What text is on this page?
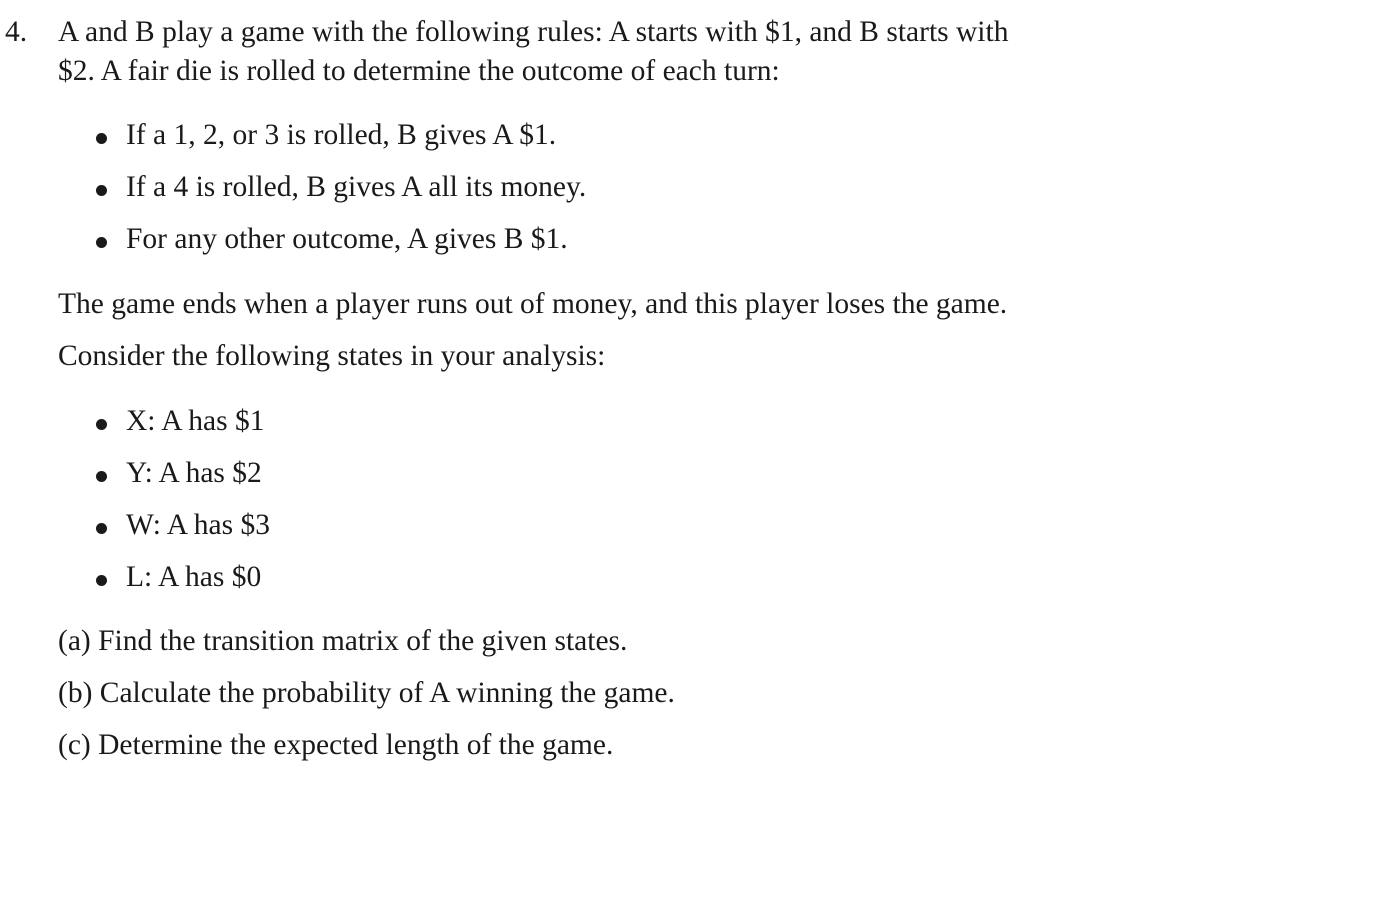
4. A and B play a game with the following rules: A starts with $1, and B starts with
$2. A fair die is rolled to determine the outcome of each turn:
If a 1, 2, or 3 is rolled, B gives A $1.
If a 4 is rolled, B gives A all its money.
For any other outcome, A gives B $1.
The game ends when a player runs out of money, and this player loses the game.
Consider the following states in your analysis:
X: A has $1
Y: A has $2
W: A has $3
L: A has $0
(a) Find the transition matrix of the given states.
(b) Calculate the probability of A winning the game.
(c) Determine the expected length of the game.
